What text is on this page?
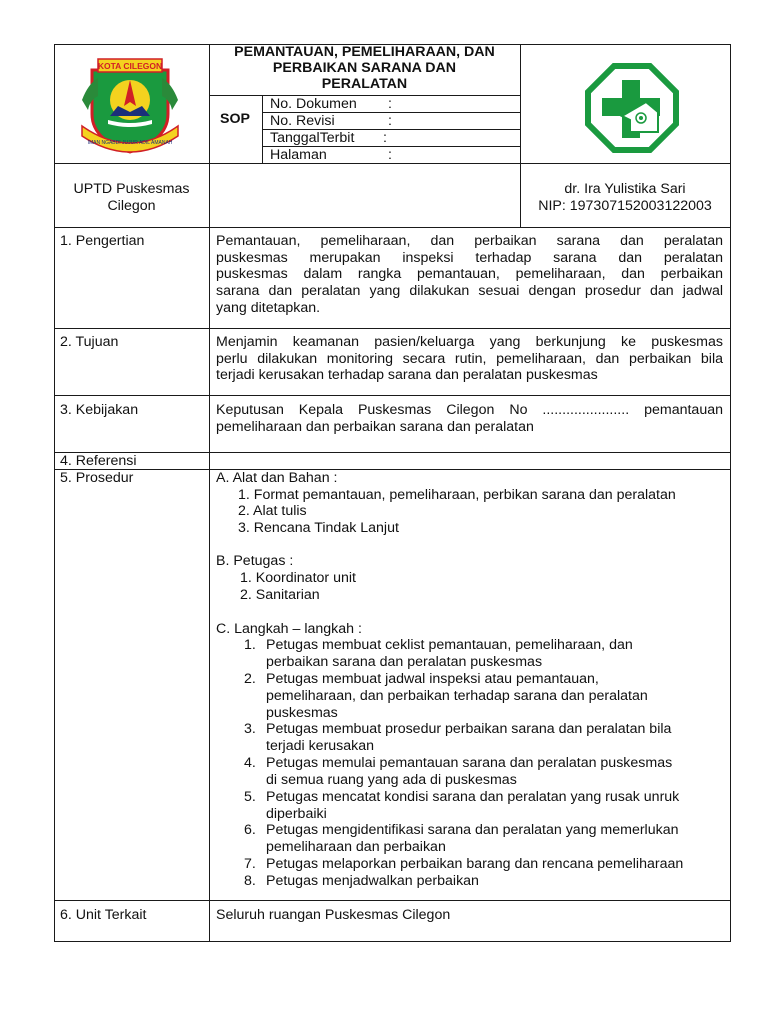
KOTA CILEGON
IMAN NGABDI JUJUR ADIL AMANAH
PEMANTAUAN, PEMELIHARAAN, DAN
PERBAIKAN SARANA DAN
PERALATAN
SOP
No. Dokumen :
No. Revisi	:
TanggalTerbit :
Halaman	:
UPTD Puskesmas
Cilegon
dr. Ira Yulistika Sari
NIP: 197307152003122003
1. Pengertian	Pemantauan, pemeliharaan, dan perbaikan sarana dan peralatan
puskesmas merupakan inspeksi terhadap sarana dan peralatan
puskesmas dalam rangka pemantauan, pemeliharaan, dan perbaikan
sarana dan peralatan yang dilakukan sesuai dengan prosedur dan jadwal
yang ditetapkan.
2. Tujuan	Menjamin keamanan pasien/keluarga yang berkunjung ke puskesmas
perlu dilakukan monitoring secara rutin, pemeliharaan, dan perbaikan bila
terjadi kerusakan terhadap sarana dan peralatan puskesmas
3. Kebijakan	Keputusan Kepala Puskesmas Cilegon No ...................... pemantauan
pemeliharaan dan perbaikan sarana dan peralatan
4. Referensi
5. Prosedur	A. Alat dan Bahan :
1. Format pemantauan, pemeliharaan, perbikan sarana dan peralatan
2. Alat tulis
3. Rencana Tindak Lanjut
B. Petugas :
1. Koordinator unit
2. Sanitarian
C. Langkah – langkah :
1. Petugas membuat ceklist pemantauan, pemeliharaan, dan
perbaikan sarana dan peralatan puskesmas
2. Petugas membuat jadwal inspeksi atau pemantauan,
pemeliharaan, dan perbaikan terhadap sarana dan peralatan
puskesmas
3. Petugas membuat prosedur perbaikan sarana dan peralatan bila
terjadi kerusakan
4. Petugas memulai pemantauan sarana dan peralatan puskesmas
di semua ruang yang ada di puskesmas
5. Petugas mencatat kondisi sarana dan peralatan yang rusak unruk
diperbaiki
6. Petugas mengidentifikasi sarana dan peralatan yang memerlukan
pemeliharaan dan perbaikan
7. Petugas melaporkan perbaikan barang dan rencana pemeliharaan
8. Petugas menjadwalkan perbaikan
6. Unit Terkait	Seluruh ruangan Puskesmas Cilegon
